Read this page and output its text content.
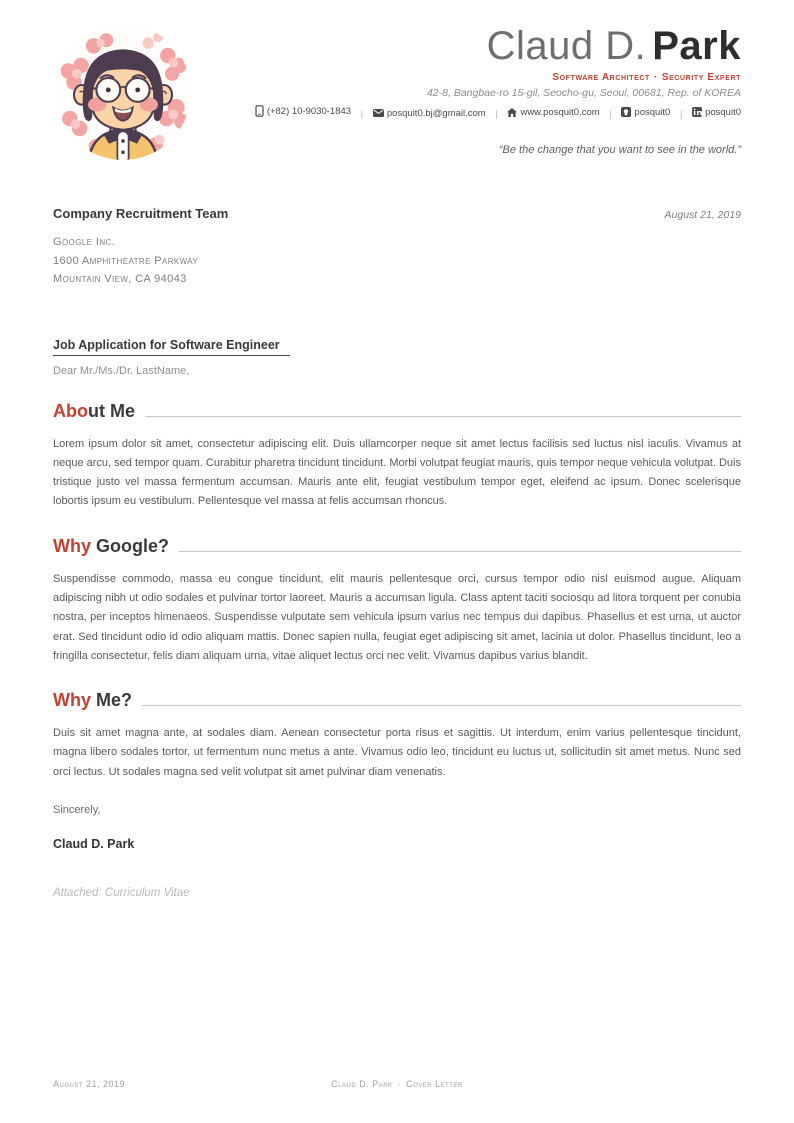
Claud D. Park
Software Architect · Security Expert
42-8, Bangbae-ro 15-gil, Seocho-gu, Seoul, 00681, Rep. of KOREA
(+82) 10-9030-1843 | posquit0.bj@gmail.com | www.posquit0.com | posquit0 | posquit0
“Be the change that you want to see in the world.”
Company Recruitment Team	August 21, 2019
Google Inc.
1600 Amphitheatre Parkway
Mountain View, CA 94043
Job Application for Software Engineer
Dear Mr./Ms./Dr. LastName,
Abo ut Me
Lorem ipsum dolor sit amet, consectetur adipiscing elit. Duis ullamcorper neque sit amet lectus facilisis sed luctus nisl iaculis. Vivamus at neque arcu, sed tempor quam. Curabitur pharetra tincidunt tincidunt. Morbi volutpat feugiat mauris, quis tempor neque vehicula volutpat. Duis tristique justo vel massa fermentum accumsan. Mauris ante elit, feugiat vestibulum tempor eget, eleifend ac ipsum. Donec scelerisque lobortis ipsum eu vestibulum. Pellentesque vel massa at felis accumsan rhoncus.
Why Google?
Suspendisse commodo, massa eu congue tincidunt, elit mauris pellentesque orci, cursus tempor odio nisl euismod augue. Aliquam adipiscing nibh ut odio sodales et pulvinar tortor laoreet. Mauris a accumsan ligula. Class aptent taciti sociosqu ad litora torquent per conubia nostra, per inceptos himenaeos. Suspendisse vulputate sem vehicula ipsum varius nec tempus dui dapibus. Phasellus et est urna, ut auctor erat. Sed tincidunt odio id odio aliquam mattis. Donec sapien nulla, feugiat eget adipiscing sit amet, lacinia ut dolor. Phasellus tincidunt, leo a fringilla consectetur, felis diam aliquam urna, vitae aliquet lectus orci nec velit. Vivamus dapibus varius blandit.
Why Me?
Duis sit amet magna ante, at sodales diam. Aenean consectetur porta risus et sagittis. Ut interdum, enim varius pellentesque tincidunt, magna libero sodales tortor, ut fermentum nunc metus a ante. Vivamus odio leo, tincidunt eu luctus ut, sollicitudin sit amet metus. Nunc sed orci lectus. Ut sodales magna sed velit volutpat sit amet pulvinar diam venenatis.
Sincerely,
Claud D. Park
Attached: Curriculum Vitae
August 21, 2019	Claud D. Park · Cover Letter
